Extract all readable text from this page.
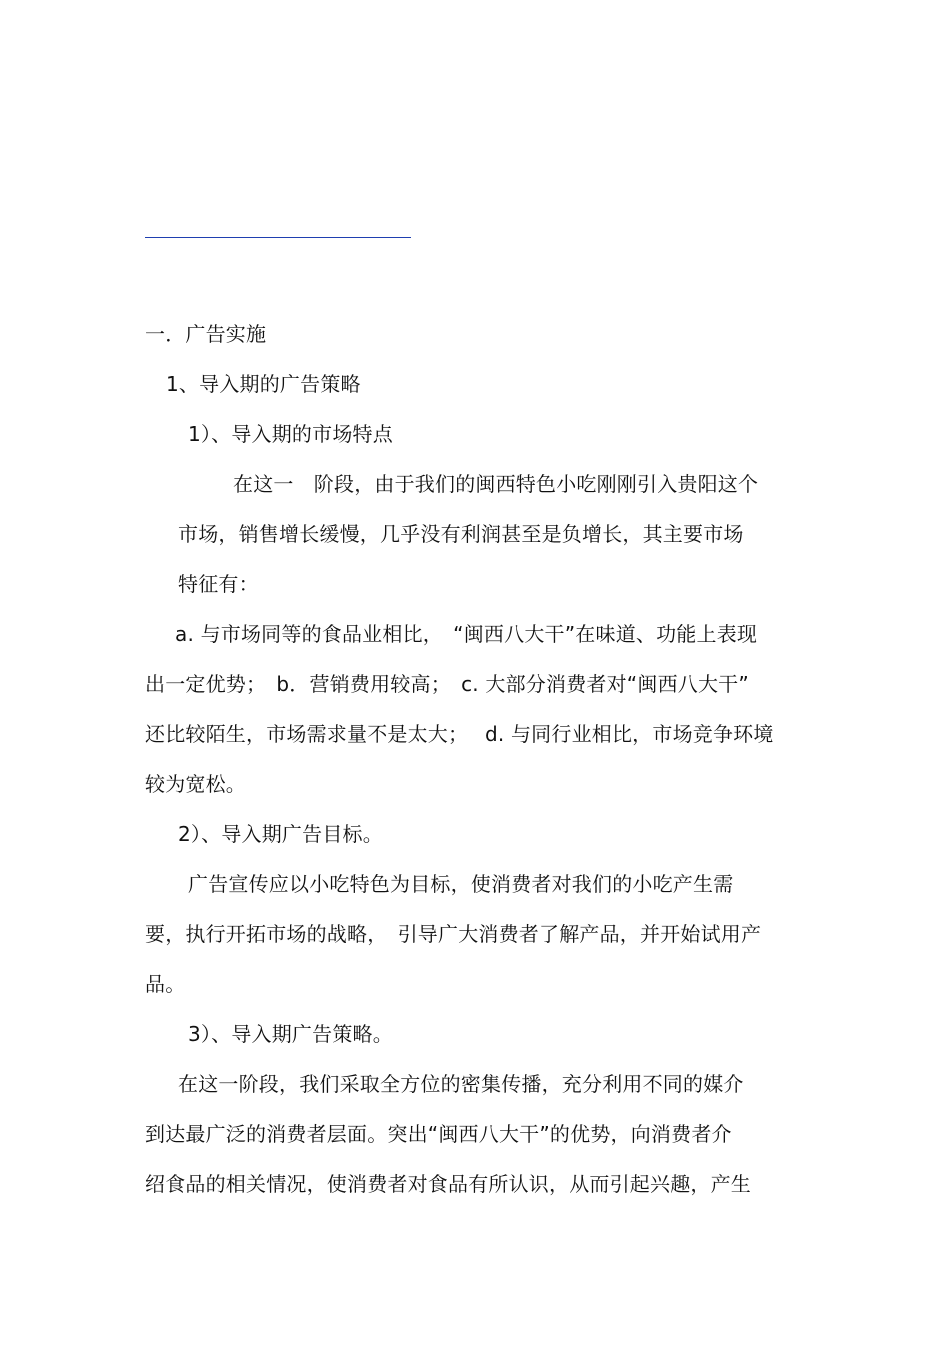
一．广告实施
1、导入期的广告策略
1）、导入期的市场特点
在这一　阶段，由于我们的闽西特色小吃刚刚引入贵阳这个
市场，销售增长缓慢，几乎没有利润甚至是负增长，其主要市场
特征有：
a. 与市场同等的食品业相比，　“闽西八大干”在味道、功能上表现
出一定优势；　b．营销费用较高；　c. 大部分消费者对“闽西八大干”
还比较陌生，市场需求量不是太大；　 d. 与同行业相比，市场竞争环境
较为宽松。
2）、导入期广告目标。
广告宣传应以小吃特色为目标，使消费者对我们的小吃产生需
要，执行开拓市场的战略，　引导广大消费者了解产品，并开始试用产
品。
3）、导入期广告策略。
在这一阶段，我们采取全方位的密集传播，充分利用不同的媒介
到达最广泛的消费者层面。突出“闽西八大干”的优势，向消费者介
绍食品的相关情况，使消费者对食品有所认识，从而引起兴趣，产生
